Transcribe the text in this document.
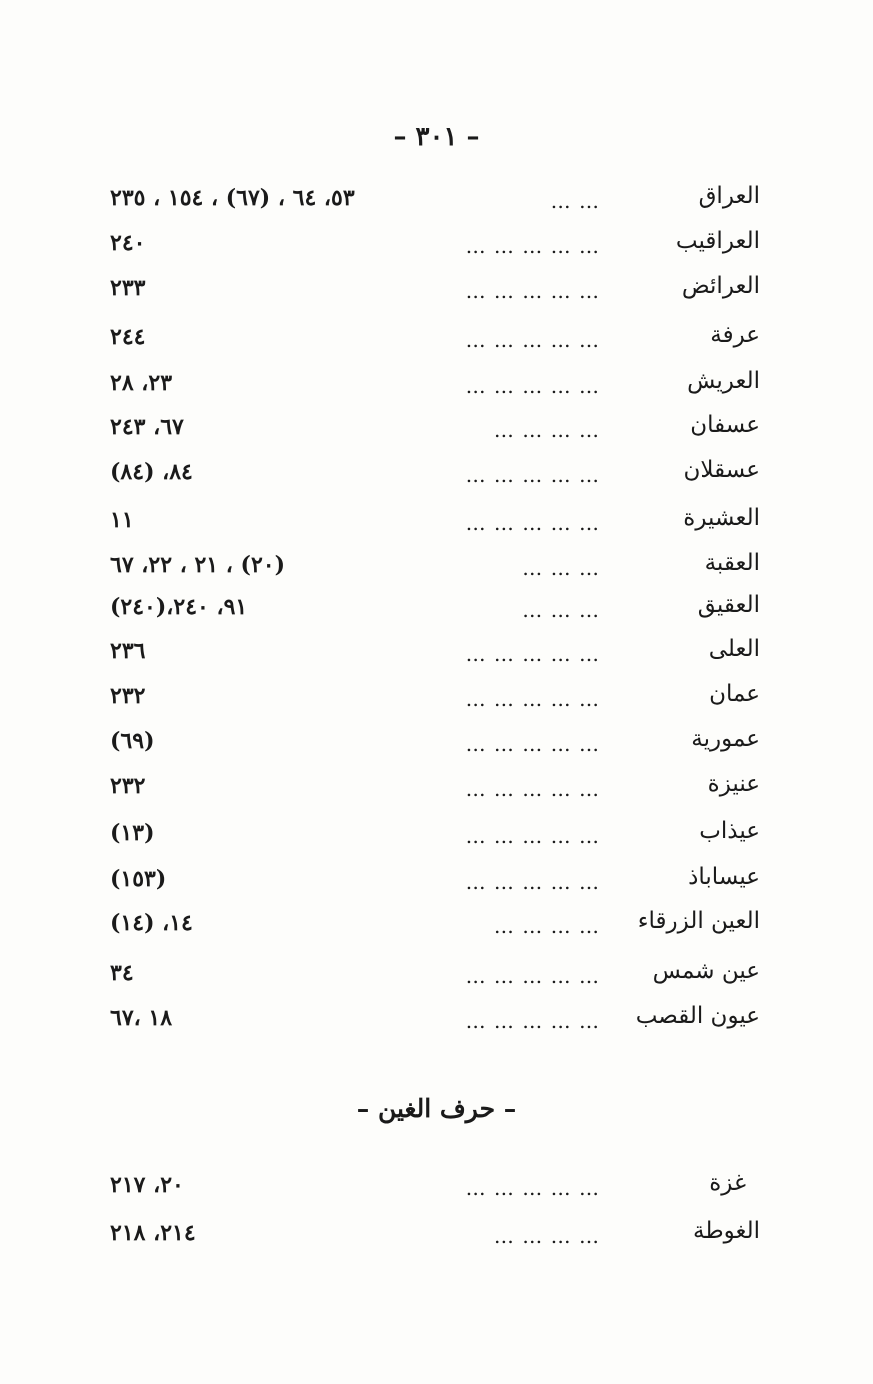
– ٣٠١ –
العراق
… …
٥٣، ٦٤ ، (٦٧) ، ١٥٤ ، ٢٣٥
العراقيب
… … … … …
٢٤٠
العرائض
… … … … …
٢٣٣
عرفة
… … … … …
٢٤٤
العريش
… … … … …
٢٣، ٢٨
عسفان
… … … …
٦٧، ٢٤٣
عسقلان
… … … … …
٨٤، (٨٤)
العشيرة
… … … … …
١١
العقبة
… … …
(٢٠) ، ٢١ ، ٢٢، ٦٧
العقيق
… … …
٩١، ٢٤٠،(٢٤٠)
العلى
… … … … …
٢٣٦
عمان
… … … … …
٢٣٢
عمورية
… … … … …
(٦٩)
عنيزة
… … … … …
٢٣٢
عيذاب
… … … … …
(١٣)
عيساباذ
… … … … …
(١٥٣)
العين الزرقاء
… … … …
١٤، (١٤)
عين شمس
… … … … …
٣٤
عيون القصب
… … … … …
١٨ ،٦٧
– حرف الغين –
غزة
… … … … …
٢٠، ٢١٧
الغوطة
… … … …
٢١٤، ٢١٨
